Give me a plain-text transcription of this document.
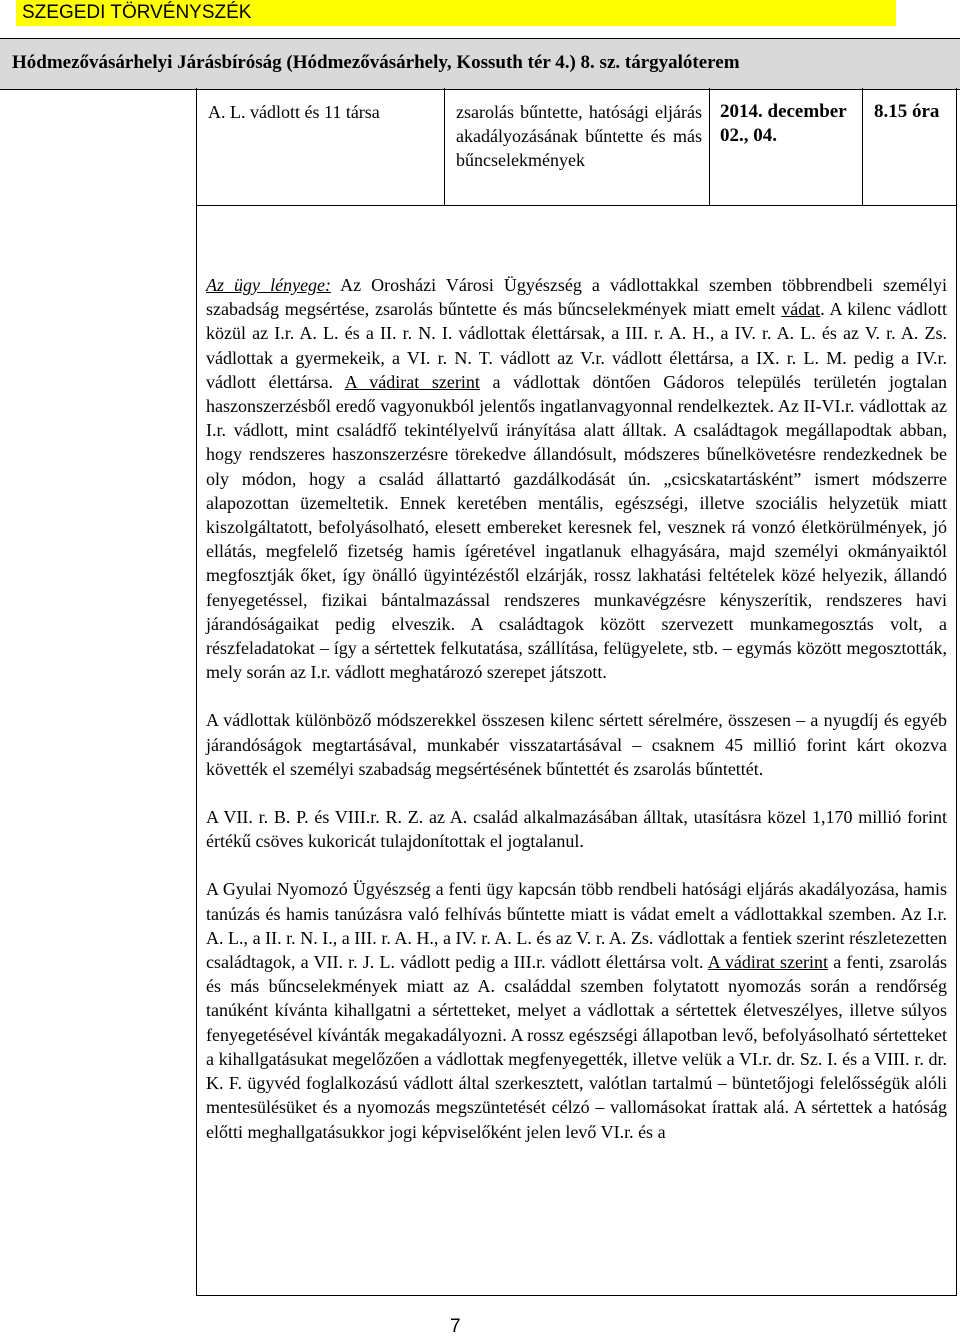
SZEGEDI TÖRVÉNYSZÉK
Hódmezővásárhelyi Járásbíróság (Hódmezővásárhely, Kossuth tér 4.) 8. sz. tárgyalóterem
A. L. vádlott és 11 társa	zsarolás bűntette, hatósági eljárás akadályozásának bűntette és más bűncselekmények
2014. december 02., 04.
8.15 óra

Az ügy lényege: Az Orosházi Városi Ügyészség a vádlottakkal szemben többrendbeli személyi szabadság megsértése, zsarolás bűntette és más bűncselekmények miatt emelt vádat. A kilenc vádlott közül az I.r. A. L. és a II. r. N. I. vádlottak élettársak, a III. r. A. H., a IV. r. A. L. és az V. r. A. Zs. vádlottak a gyermekeik, a VI. r. N. T. vádlott az V.r. vádlott élettársa, a IX. r. L. M. pedig a IV.r. vádlott élettársa. A vádirat szerint a vádlottak döntően Gádoros település területén jogtalan haszonszerzésből eredő vagyonukból jelentős ingatlanvagyonnal rendelkeztek. Az II-VI.r. vádlottak az I.r. vádlott, mint családfő tekintélyelvű irányítása alatt álltak. A családtagok megállapodtak abban, hogy rendszeres haszonszerzésre törekedve állandósult, módszeres bűnelkövetésre rendezkednek be oly módon, hogy a család állattartó gazdálkodását ún. „csicskatartásként” ismert módszerre alapozottan üzemeltetik. Ennek keretében mentális, egészségi, illetve szociális helyzetük miatt kiszolgáltatott, befolyásolható, elesett embereket keresnek fel, vesznek rá vonzó életkörülmények, jó ellátás, megfelelő fizetség hamis ígéretével ingatlanuk elhagyására, majd személyi okmányaiktól megfosztják őket, így önálló ügyintézéstől elzárják, rossz lakhatási feltételek közé helyezik, állandó fenyegetéssel, fizikai bántalmazással rendszeres munkavégzésre kényszerítik, rendszeres havi járandóságaikat pedig elveszik. A családtagok között szervezett munkamegosztás volt, a részfeladatokat – így a sértettek felkutatása, szállítása, felügyelete, stb. – egymás között megosztották, mely során az I.r. vádlott meghatározó szerepet játszott.

A vádlottak különböző módszerekkel összesen kilenc sértett sérelmére, összesen – a nyugdíj és egyéb járandóságok megtartásával, munkabér visszatartásával – csaknem 45 millió forint kárt okozva követték el személyi szabadság megsértésének bűntettét és zsarolás bűntettét.

A VII. r. B. P. és VIII.r. R. Z. az A. család alkalmazásában álltak, utasításra közel 1,170 millió forint értékű csöves kukoricát tulajdonítottak el jogtalanul.

A Gyulai Nyomozó Ügyészség a fenti ügy kapcsán több rendbeli hatósági eljárás akadályozása, hamis tanúzás és hamis tanúzásra való felhívás bűntette miatt is vádat emelt a vádlottakkal szemben. Az I.r. A. L., a II. r. N. I., a III. r. A. H., a IV. r. A. L. és az V. r. A. Zs. vádlottak a fentiek szerint részletezetten családtagok, a VII. r. J. L. vádlott pedig a III.r. vádlott élettársa volt. A vádirat szerint a fenti, zsarolás és más bűncselekmények miatt az A. családdal szemben folytatott nyomozás során a rendőrség tanúként kívánta kihallgatni a sértetteket, melyet a vádlottak a sértettek életveszélyes, illetve súlyos fenyegetésével kívánták megakadályozni. A rossz egészségi állapotban levő, befolyásolható sértetteket a kihallgatásukat megelőzően a vádlottak megfenyegették, illetve velük a VI.r. dr. Sz. I. és a VIII. r. dr. K. F. ügyvéd foglalkozású vádlott által szerkesztett, valótlan tartalmú – büntetőjogi felelősségük alóli mentesülésüket és a nyomozás megszüntetését célzó – vallomásokat írattak alá. A sértettek a hatóság előtti meghallgatásukkor jogi képviselőként jelen levő VI.r. és a

7
